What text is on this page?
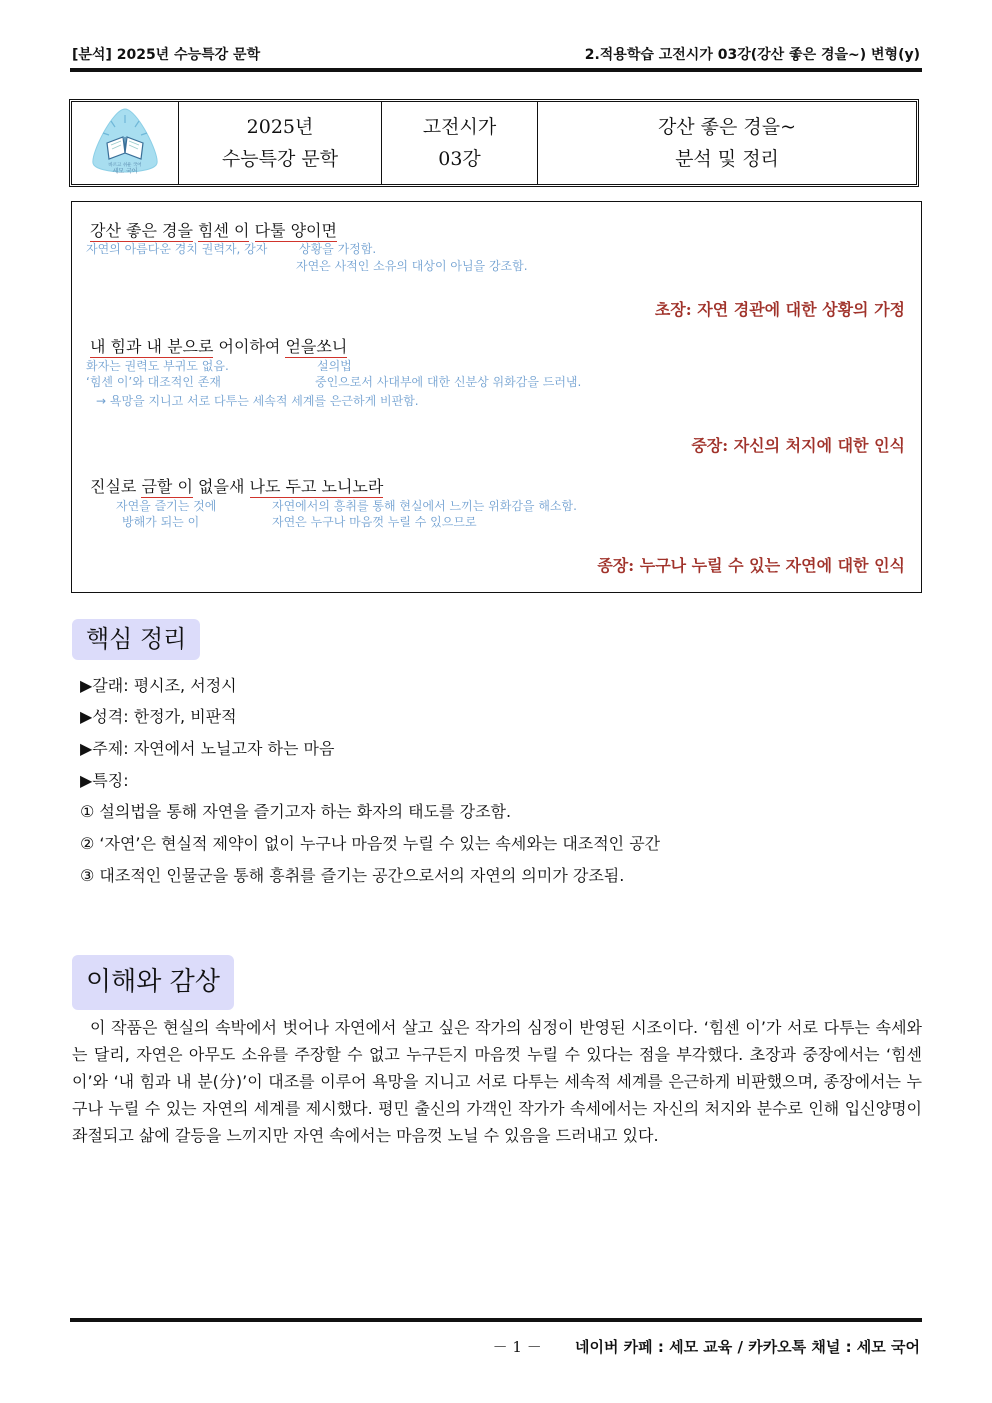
[분석] 2025년 수능특강 문학	2.적용학습 고전시가 03강(강산 좋은 경을~) 변형(y)
바르고 쉬운 국어
세모 국어
2025년
수능특강 문학
고전시가
03강
강산 좋은 경을~
분석 및 정리
강산 좋은 경을 힘센 이 다툴 양이면
자연의 아름다운 경치 권력자, 강자	상황을 가정함.
자연은 사적인 소유의 대상이 아님을 강조함.
초장: 자연 경관에 대한 상황의 가정
내 힘과 내 분으로 어이하여 얻을쏘니
화자는 권력도 부귀도 없음.
‘힘센 이’와 대조적인 존재
설의법
중인으로서 사대부에 대한 신분상 위화감을 드러냄.
→ 욕망을 지니고 서로 다투는 세속적 세계를 은근하게 비판함.
중장: 자신의 처지에 대한 인식
진실로 금할 이 없을새 나도 두고 노니노라
자연을 즐기는 것에
방해가 되는 이
자연에서의 흥취를 통해 현실에서 느끼는 위화감을 해소함.
자연은 누구나 마음껏 누릴 수 있으므로
종장: 누구나 누릴 수 있는 자연에 대한 인식
핵심 정리
▶갈래: 평시조, 서정시
▶성격: 한정가, 비판적
▶주제: 자연에서 노닐고자 하는 마음
▶특징:
① 설의법을 통해 자연을 즐기고자 하는 화자의 태도를 강조함.
② ‘자연’은 현실적 제약이 없이 누구나 마음껏 누릴 수 있는 속세와는 대조적인 공간
③ 대조적인 인물군을 통해 흥취를 즐기는 공간으로서의 자연의 의미가 강조됨.
이해와 감상
이 작품은 현실의 속박에서 벗어나 자연에서 살고 싶은 작가의 심정이 반영된 시조이다. ‘힘센 이’가 서로 다투는 속세와는 달리, 자연은 아무도 소유를 주장할 수 없고 누구든지 마음껏 누릴 수 있다는 점을 부각했다. 초장과 중장에서는 ‘힘센 이’와 ‘내 힘과 내 분(分)’이 대조를 이루어 욕망을 지니고 서로 다투는 세속적 세계를 은근하게 비판했으며, 종장에서는 누구나 누릴 수 있는 자연의 세계를 제시했다. 평민 출신의 가객인 작가가 속세에서는 자신의 처지와 분수로 인해 입신양명이 좌절되고 삶에 갈등을 느끼지만 자연 속에서는 마음껏 노닐 수 있음을 드러내고 있다.
－ 1 － 네이버 카페 : 세모 교육 / 카카오톡 채널 : 세모 국어
